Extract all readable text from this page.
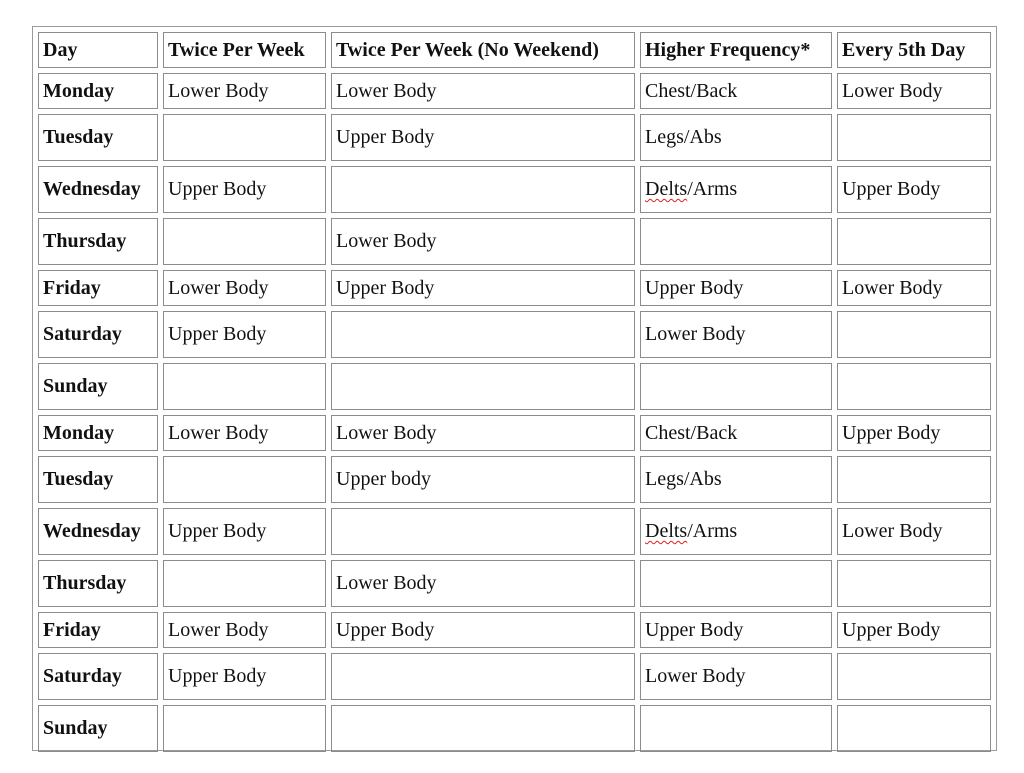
Day	Twice Per Week	Twice Per Week (No Weekend)	Higher Frequency*	Every 5th Day
Monday	Lower Body	Lower Body	Chest/Back	Lower Body
Tuesday		Upper Body	Legs/Abs	
Wednesday	Upper Body		Delts/Arms	Upper Body
Thursday		Lower Body		
Friday	Lower Body	Upper Body	Upper Body	Lower Body
Saturday	Upper Body		Lower Body	
Sunday				
Monday	Lower Body	Lower Body	Chest/Back	Upper Body
Tuesday		Upper body	Legs/Abs	
Wednesday	Upper Body		Delts/Arms	Lower Body
Thursday		Lower Body		
Friday	Lower Body	Upper Body	Upper Body	Upper Body
Saturday	Upper Body		Lower Body	
Sunday				
